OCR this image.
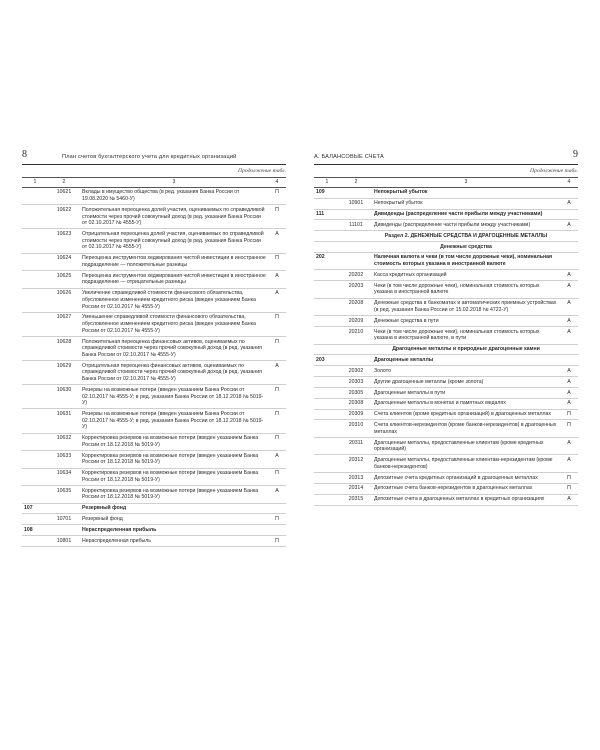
8	План счетов бухгалтерского учета для кредитных организаций
Продолжение табл.
1	2	3	4
	10621	Вклады в имущество общества (в ред. указания Банка России от 19.08.2020 № 5460-У)	П
	10622	Положительная переоценка долей участия, оцениваемых по справедливой стоимости через прочий совокупный доход (в ред. указания Банка России от 02.10.2017 № 4555-У)	П
	10623	Отрицательная переоценка долей участия, оцениваемых по справедливой стоимости через прочий совокупный доход (в ред. указания Банка России от 02.10.2017 № 4555-У)	А
	10624	Переоценка инструментов хеджирования чистой инвестиции в иностранное подразделение — положительные разницы	П
	10625	Переоценка инструментов хеджирования чистой инвестиции в иностранное подразделение — отрицательные разницы	А
	10626	Увеличение справедливой стоимости финансового обязательства, обусловленное изменением кредитного риска (введен указанием Банка России от 02.10.2017 № 4555-У)	А
	10627	Уменьшение справедливой стоимости финансового обязательства, обусловленное изменением кредитного риска (введен указанием Банка России от 02.10.2017 № 4555-У)	П
	10628	Положительная переоценка финансовых активов, оцениваемых по справедливой стоимости через прочий совокупный доход (в ред. указания Банка России от 02.10.2017 № 4555-У)	П
	10629	Отрицательная переоценка финансовых активов, оцениваемых по справедливой стоимости через прочий совокупный доход (в ред. указания Банка России от 02.10.2017 № 4555-У)	А
	10630	Резервы на возможные потери (введен указанием Банка России от 02.10.2017 № 4555-У; в ред. указания Банка России от 18.12.2018 № 5019-У)	П
	10631	Резервы на возможные потери (введен указанием Банка России от 02.10.2017 № 4555-У; в ред. указания Банка России от 18.12.2018 № 5019-У)	П
	10632	Корректировка резервов на возможные потери (введен указанием Банка России от 18.12.2018 № 5019-У)	П
	10633	Корректировка резервов на возможные потери (введен указанием Банка России от 18.12.2018 № 5019-У)	А
	10634	Корректировка резервов на возможные потери (введен указанием Банка России от 18.12.2018 № 5019-У)	П
	10635	Корректировка резервов на возможные потери (введен указанием Банка России от 18.12.2018 № 5019-У)	А
107		Резервный фонд	
	10701	Резервный фонд	П
108		Нераспределенная прибыль	
	10801	Нераспределенная прибыль	П
А. БАЛАНСОВЫЕ СЧЕТА	9
Продолжение табл.
1	2	3	4
109		Непокрытый убыток	
	10901	Непокрытый убыток	А
111		Дивиденды (распределение части прибыли между участниками)	
	11101	Дивиденды (распределение части прибыли между участниками)	А
		Раздел 2. ДЕНЕЖНЫЕ СРЕДСТВА И ДРАГОЦЕННЫЕ МЕТАЛЛЫ	
		Денежные средства	
202		Наличная валюта и чеки (в том числе дорожные чеки), номинальная стоимость которых указана в иностранной валюте	
	20202	Касса кредитных организаций	А
	20203	Чеки (в том числе дорожные чеки), номинальная стоимость которых указана в иностранной валюте	А
	20208	Денежные средства в банкоматах и автоматических приемных устройствах (в ред. указания Банка России от 15.02.2018 № 4722-У)	А
	20209	Денежные средства в пути	А
	20210	Чеки (в том числе дорожные чеки), номинальная стоимость которых указана в иностранной валюте, в пути	А
		Драгоценные металлы и природные драгоценные камни	
203		Драгоценные металлы	
	20302	Золото	А
	20303	Другие драгоценные металлы (кроме золота)	А
	20305	Драгоценные металлы в пути	А
	20308	Драгоценные металлы в монетах и памятных медалях	А
	20309	Счета клиентов (кроме кредитных организаций) в драгоценных металлах	П
	20310	Счета клиентов-нерезидентов (кроме банков-нерезидентов) в драгоценных металлах	П
	20311	Драгоценные металлы, предоставленные клиентам (кроме кредитных организаций)	А
	20312	Драгоценные металлы, предоставленные клиентам-нерезидентам (кроме банков-нерезидентов)	А
	20313	Депозитные счета кредитных организаций в драгоценных металлах	П
	20314	Депозитные счета банков-нерезидентов в драгоценных металлах	П
	20315	Депозитные счета в драгоценных металлах в кредитных организациях	А
